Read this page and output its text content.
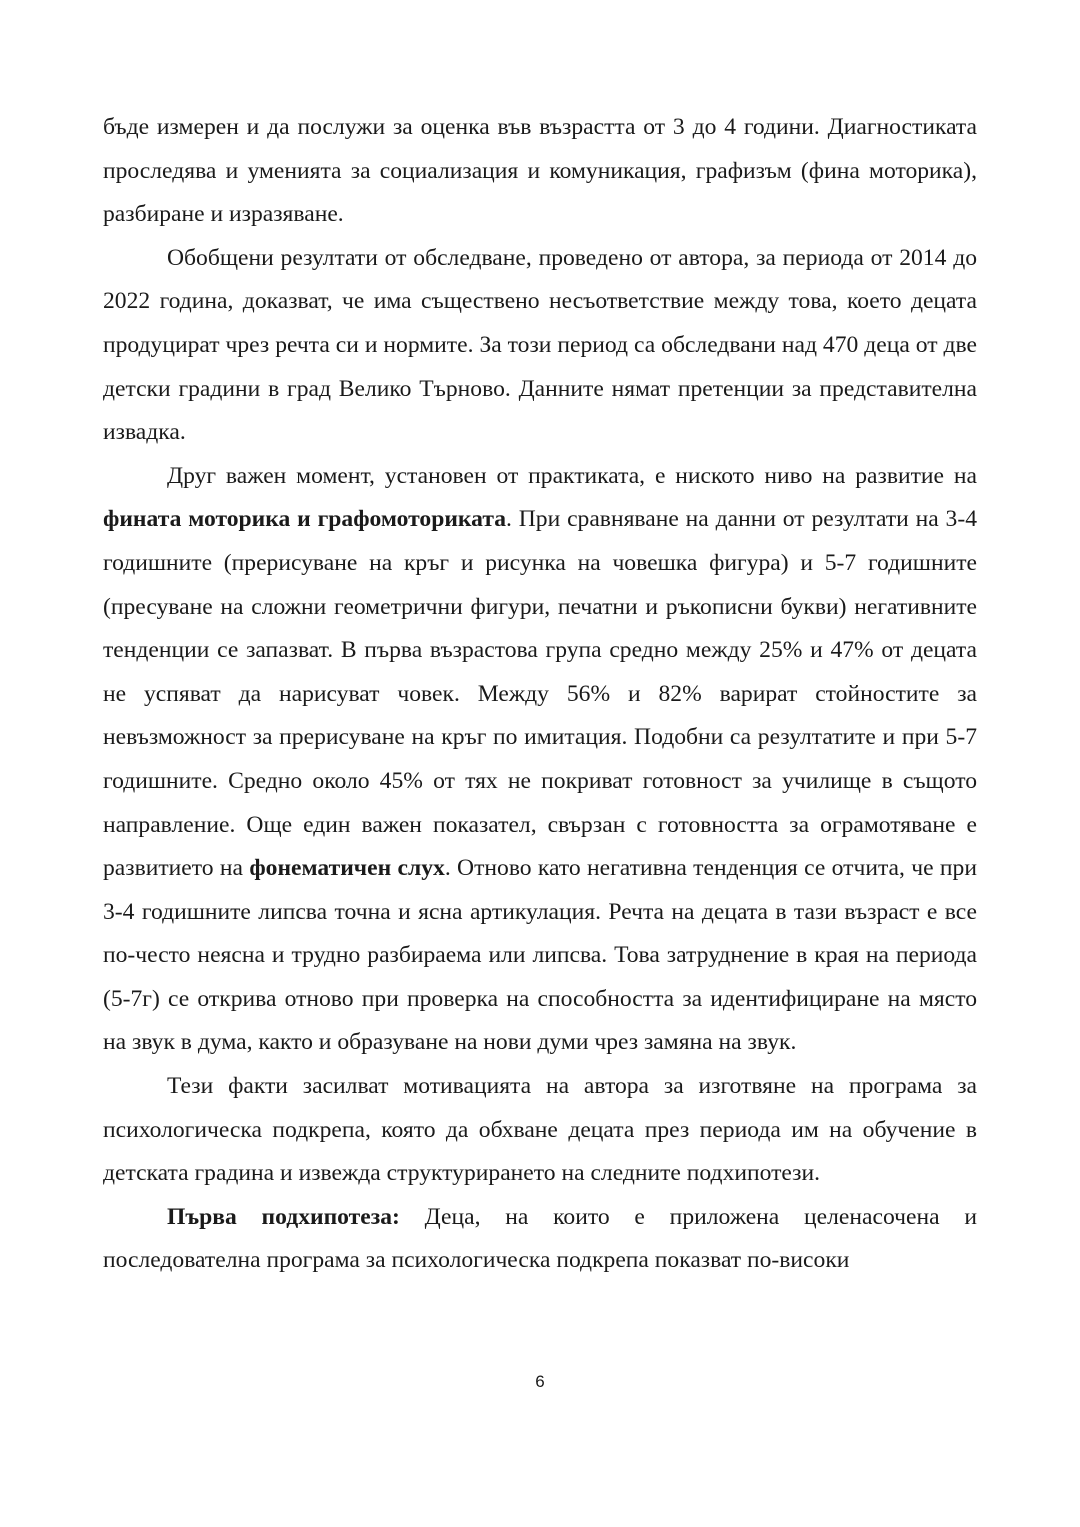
бъде измерен и да послужи за оценка във възрастта от 3 до 4 години. Диагностиката проследява и уменията за социализация и комуникация, графизъм (фина моторика), разбиране и изразяване.

Обобщени резултати от обследване, проведено от автора, за периода от 2014 до 2022 година, доказват, че има съществено несъответствие между това, което децата продуцират чрез речта си и нормите. За този период са обследвани над 470 деца от две детски градини в град Велико Търново. Данните нямат претенции за представителна извадка.

Друг важен момент, установен от практиката, е ниското ниво на развитие на фината моторика и графомоториката. При сравняване на данни от резултати на 3-4 годишните (прерисуване на кръг и рисунка на човешка фигура) и 5-7 годишните (пресуване на сложни геометрични фигури, печатни и ръкописни букви) негативните тенденции се запазват. В първа възрастова група средно между 25% и 47% от децата не успяват да нарисуват човек. Между 56% и 82% варират стойностите за невъзможност за прерисуване на кръг по имитация. Подобни са резултатите и при 5-7 годишните. Средно около 45% от тях не покриват готовност за училище в същото направление. Още един важен показател, свързан с готовността за ограмотяване е развитието на фонематичен слух. Отново като негативна тенденция се отчита, че при 3-4 годишните липсва точна и ясна артикулация. Речта на децата в тази възраст е все по-често неясна и трудно разбираема или липсва. Това затруднение в края на периода (5-7г) се открива отново при проверка на способността за идентифициране на място на звук в дума, както и образуване на нови думи чрез замяна на звук.

Тези факти засилват мотивацията на автора за изготвяне на програма за психологическа подкрепа, която да обхване децата през периода им на обучение в детската градина и извежда структурирането на следните подхипотези.

Първа подхипотеза: Деца, на които е приложена целенасочена и последователна програма за психологическа подкрепа показват по-високи

6
